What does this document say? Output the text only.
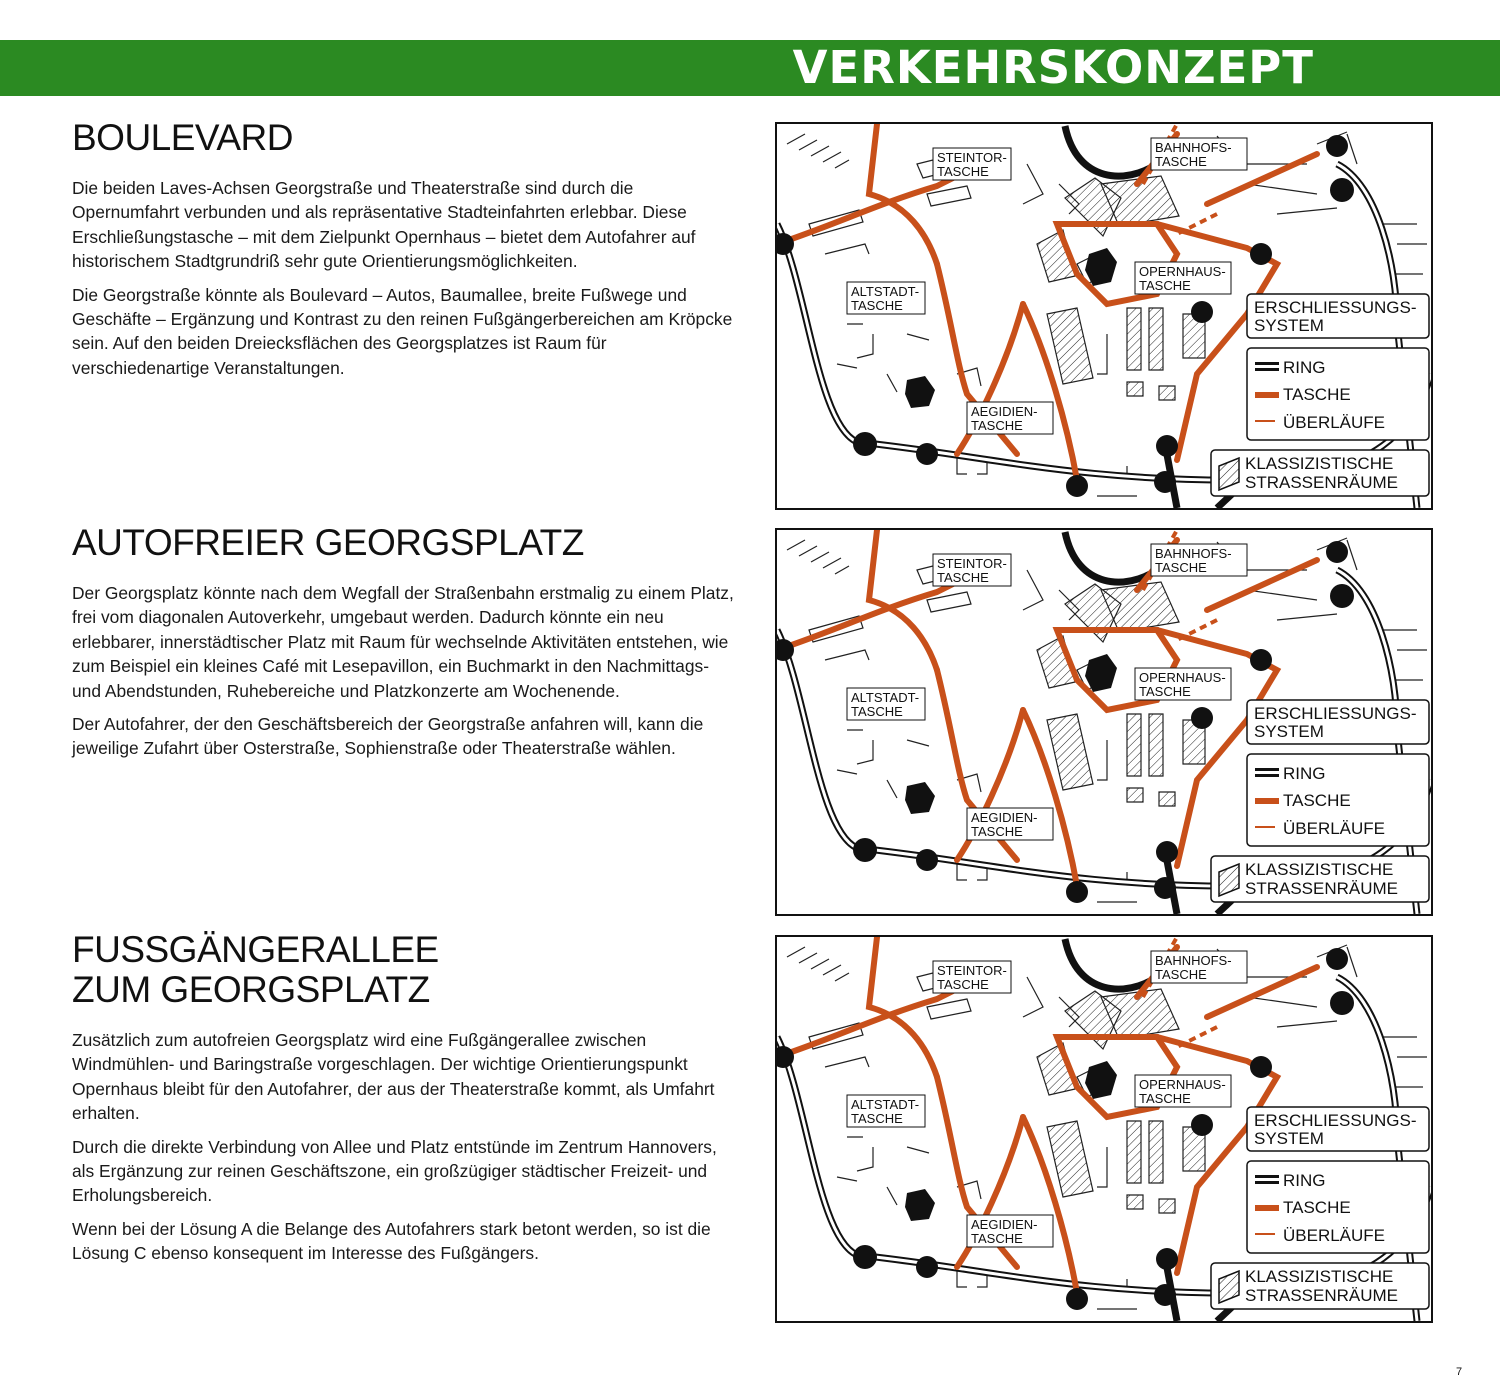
VERKEHRSKONZEPT
BOULEVARD

Die beiden Laves-Achsen Georgstraße und Theaterstraße sind durch die Opernumfahrt verbunden und als repräsentative Stadteinfahrten erlebbar. Diese Erschließungstasche – mit dem Zielpunkt Opernhaus – bietet dem Autofahrer auf historischem Stadtgrundriß sehr gute Orientierungsmöglichkeiten.

Die Georgstraße könnte als Boulevard – Autos, Baumallee, breite Fußwege und Geschäfte – Ergänzung und Kontrast zu den reinen Fußgängerbereichen am Kröpcke sein. Auf den beiden Dreiecksflächen des Georgsplatzes ist Raum für verschiedenartige Veranstaltungen.

AUTOFREIER GEORGSPLATZ

Der Georgsplatz könnte nach dem Wegfall der Straßenbahn erstmalig zu einem Platz, frei vom diagonalen Autoverkehr, umgebaut werden. Dadurch könnte ein neu erlebbarer, innerstädtischer Platz mit Raum für wechselnde Aktivitäten entstehen, wie zum Beispiel ein kleines Café mit Lesepavillon, ein Buchmarkt in den Nachmittags- und Abendstunden, Ruhebereiche und Platzkonzerte am Wochenende.

Der Autofahrer, der den Geschäftsbereich der Georgstraße anfahren will, kann die jeweilige Zufahrt über Osterstraße, Sophienstraße oder Theaterstraße wählen.

FUSSGÄNGERALLEE
ZUM GEORGSPLATZ

Zusätzlich zum autofreien Georgsplatz wird eine Fußgängerallee zwischen Windmühlen- und Baringstraße vorgeschlagen. Der wichtige Orientierungspunkt Opernhaus bleibt für den Autofahrer, der aus der Theaterstraße kommt, als Umfahrt erhalten.

Durch die direkte Verbindung von Allee und Platz entstünde im Zentrum Hannovers, als Ergänzung zur reinen Geschäftszone, ein großzügiger städtischer Freizeit- und Erholungsbereich.

Wenn bei der Lösung A die Belange des Autofahrers stark betont werden, so ist die Lösung C ebenso konsequent im Interesse des Fußgängers.

STEINTOR-
TASCHE
BAHNHOFS-
TASCHE
ALTSTADT-
TASCHE
OPERNHAUS-
TASCHE
AEGIDIEN-
TASCHE
ERSCHLIESSUNGS-
SYSTEM
RING
TASCHE
ÜBERLÄUFE
KLASSIZISTISCHE
STRASSENRÄUME
STEINTOR-
TASCHE
BAHNHOFS-
TASCHE
ALTSTADT-
TASCHE
OPERNHAUS-
TASCHE
AEGIDIEN-
TASCHE
ERSCHLIESSUNGS-
SYSTEM
RING
TASCHE
ÜBERLÄUFE
KLASSIZISTISCHE
STRASSENRÄUME
STEINTOR-
TASCHE
BAHNHOFS-
TASCHE
ALTSTADT-
TASCHE
OPERNHAUS-
TASCHE
AEGIDIEN-
TASCHE
ERSCHLIESSUNGS-
SYSTEM
RING
TASCHE
ÜBERLÄUFE
KLASSIZISTISCHE
STRASSENRÄUME
7
